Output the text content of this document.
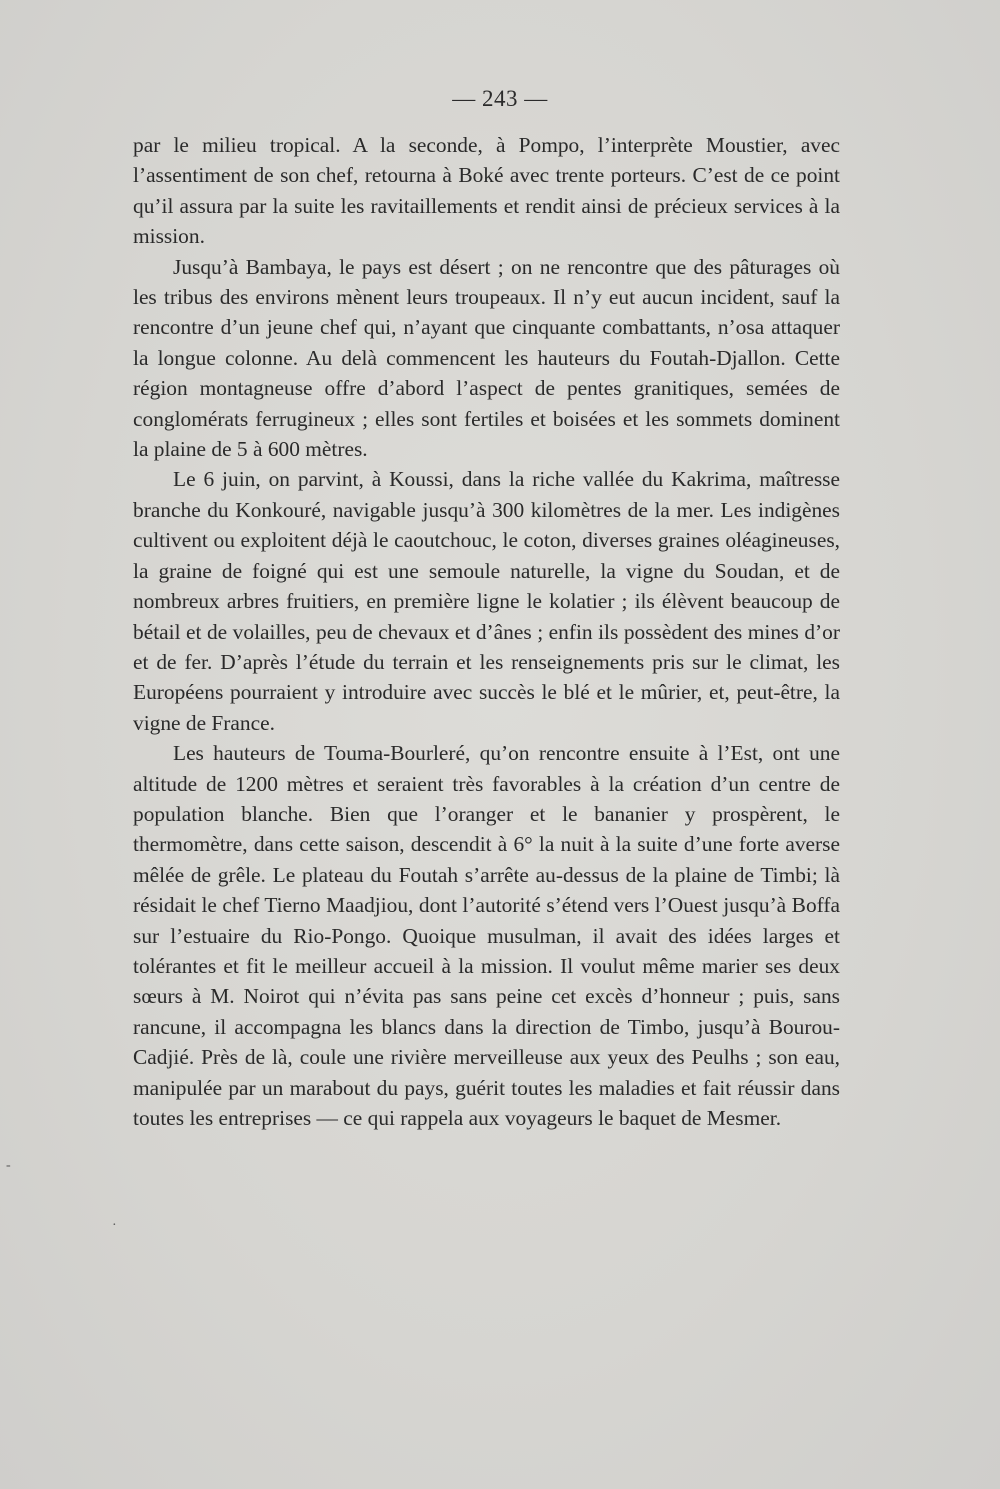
— 243 —

par le milieu tropical. A la seconde, à Pompo, l’interprète Moustier, avec l’assentiment de son chef, retourna à Boké avec trente porteurs. C’est de ce point qu’il assura par la suite les ravitaillements et rendit ainsi de précieux services à la mission.

Jusqu’à Bambaya, le pays est désert ; on ne rencontre que des pâturages où les tribus des environs mènent leurs troupeaux. Il n’y eut aucun incident, sauf la rencontre d’un jeune chef qui, n’ayant que cinquante combattants, n’osa attaquer la longue colonne. Au delà commencent les hauteurs du Foutah-Djallon. Cette région montagneuse offre d’abord l’aspect de pentes granitiques, semées de conglomérats ferrugineux ; elles sont fertiles et boisées et les sommets dominent la plaine de 5 à 600 mètres.

Le 6 juin, on parvint, à Koussi, dans la riche vallée du Kakrima, maîtresse branche du Konkouré, navigable jusqu’à 300 kilomètres de la mer. Les indigènes cultivent ou exploitent déjà le caoutchouc, le coton, diverses graines oléagineuses, la graine de foigné qui est une semoule naturelle, la vigne du Soudan, et de nombreux arbres fruitiers, en première ligne le kolatier ; ils élèvent beaucoup de bétail et de volailles, peu de chevaux et d’ânes ; enfin ils possèdent des mines d’or et de fer. D’après l’étude du terrain et les renseignements pris sur le climat, les Européens pourraient y introduire avec succès le blé et le mûrier, et, peut-être, la vigne de France.

Les hauteurs de Touma-Bourleré, qu’on rencontre ensuite à l’Est, ont une altitude de 1200 mètres et seraient très favorables à la création d’un centre de population blanche. Bien que l’oranger et le bananier y prospèrent, le thermomètre, dans cette saison, descendit à 6° la nuit à la suite d’une forte averse mêlée de grêle. Le plateau du Foutah s’arrête au-dessus de la plaine de Timbi; là résidait le chef Tierno Maadjiou, dont l’autorité s’étend vers l’Ouest jusqu’à Boffa sur l’estuaire du Rio-Pongo. Quoique musulman, il avait des idées larges et tolérantes et fit le meilleur accueil à la mission. Il voulut même marier ses deux sœurs à M. Noirot qui n’évita pas sans peine cet excès d’honneur ; puis, sans rancune, il accompagna les blancs dans la direction de Timbo, jusqu’à Bourou-Cadjié. Près de là, coule une rivière merveilleuse aux yeux des Peulhs ; son eau, manipulée par un marabout du pays, guérit toutes les maladies et fait réussir dans toutes les entreprises — ce qui rappela aux voyageurs le baquet de Mesmer.

-
·
